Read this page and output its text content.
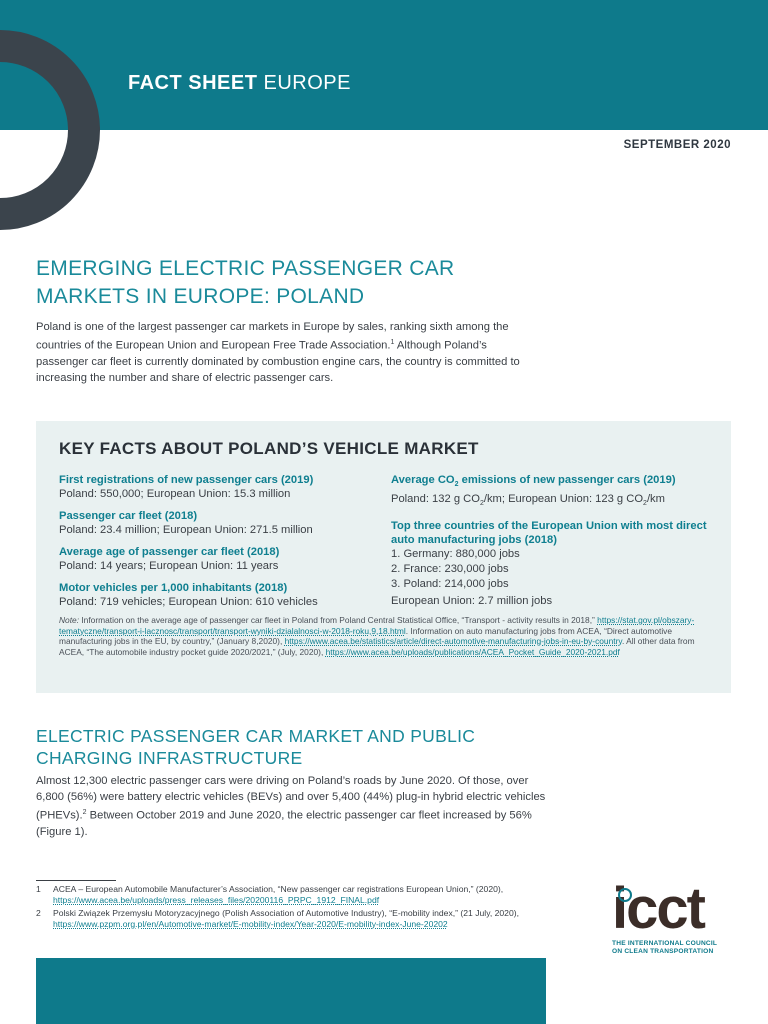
FACT SHEET EUROPE
SEPTEMBER 2020
EMERGING ELECTRIC PASSENGER CAR
MARKETS IN EUROPE: POLAND
Poland is one of the largest passenger car markets in Europe by sales, ranking sixth among the countries of the European Union and European Free Trade Association.$^1$ Although Poland’s passenger car fleet is currently dominated by combustion engine cars, the country is committed to increasing the number and share of electric passenger cars.
KEY FACTS ABOUT POLAND’S VEHICLE MARKET
First registrations of new passenger cars (2019)
Poland: 550,000; European Union: 15.3 million
Passenger car fleet (2018)
Poland: 23.4 million; European Union: 271.5 million
Average age of passenger car fleet (2018)
Poland: 14 years; European Union: 11 years
Motor vehicles per 1,000 inhabitants (2018)
Poland: 719 vehicles; European Union: 610 vehicles
Average $CO_2$ emissions of new passenger cars (2019)
Poland: 132 g $CO_2/km$; European Union: 123 g $CO_2/km$
Top three countries of the European Union with most direct auto manufacturing jobs (2018)
1. Germany: 880,000 jobs
2. France: 230,000 jobs
3. Poland: 214,000 jobs
European Union: 2.7 million jobs
Note: Information on the average age of passenger car fleet in Poland from Poland Central Statistical Office, “Transport - activity results in 2018,” https://stat.gov.pl/obszary-tematyczne/transport-i-lacznosc/transport/transport-wyniki-dzialalnosci-w-2018-roku,9,18.html. Information on auto manufacturing jobs from ACEA, “Direct automotive manufacturing jobs in the EU, by country,” (January 8,2020), https://www.acea.be/statistics/article/direct-automotive-manufacturing-jobs-in-eu-by-country. All other data from ACEA, “The automobile industry pocket guide 2020/2021,” (July, 2020), https://www.acea.be/uploads/publications/ACEA_Pocket_Guide_2020-2021.pdf
ELECTRIC PASSENGER CAR MARKET AND PUBLIC
CHARGING INFRASTRUCTURE
Almost 12,300 electric passenger cars were driving on Poland’s roads by June 2020. Of those, over 6,800 (56%) were battery electric vehicles (BEVs) and over 5,400 (44%) plug-in hybrid electric vehicles (PHEVs).$^2$ Between October 2019 and June 2020, the electric passenger car fleet increased by 56% (Figure 1).
1 ACEA – European Automobile Manufacturer’s Association, “New passenger car registrations European Union,” (2020), https://www.acea.be/uploads/press_releases_files/20200116_PRPC_1912_FINAL.pdf
2 Polski Związek Przemysłu Motoryzacyjnego (Polish Association of Automotive Industry), “E-mobility index,” (21 July, 2020), https://www.pzpm.org.pl/en/Automotive-market/E-mobility-index/Year-2020/E-mobility-index-June-20202	icct
THE INTERNATIONAL COUNCIL
ON CLEAN TRANSPORTATION
